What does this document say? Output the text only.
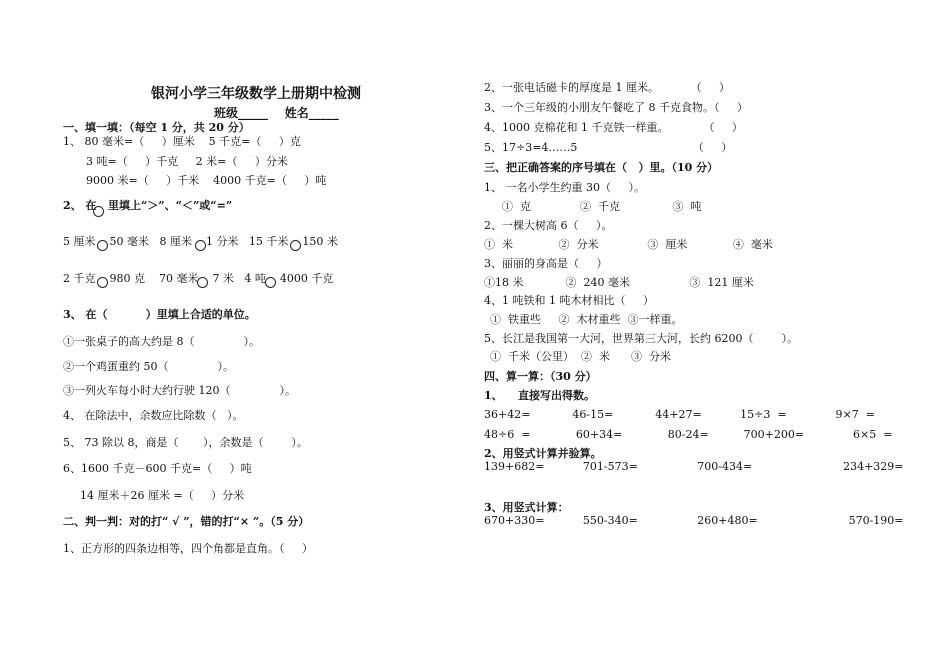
银河小学三年级数学上册期中检测
班级_____    姓名_____
一、填一填：（每空 1 分，共 20 分）
1、 80 毫米=（     ）厘米    5 千克=（     ）克
3 吨=（     ）千克     2 米=（     ）分米
9000 米=（     ）千米    4000 千克=（     ）吨
2、 在   里填上“＞”、“＜”或“=”
5 厘米    50 毫米   8 厘米    1 分米   15 千米    150 米
2 千克    980 克    70 毫米    7 米   4 吨    4000 千克
3、 在（          ）里填上合适的单位。
①一张桌子的高大约是 8（              ）。
②一个鸡蛋重约 50（              ）。
③一列火车每小时大约行驶 120（              ）。
4、 在除法中，余数应比除数（   ）。
5、 73 除以 8，商是（       ），余数是（        ）。
6、1600 千克－600 千克=（     ）吨
14 厘米＋26 厘米 =（     ）分米
二、判一判：对的打“ √ ”，错的打“× ”。（5 分）
1、正方形的四条边相等，四个角都是直角。（     ）
2、一张电话磁卡的厚度是 1 厘米。         （     ）
3、一个三年级的小朋友午餐吃了 8 千克食物。（     ）
4、1000 克棉花和 1 千克铁一样重。          （     ）
5、17÷3=4……5                                 （     ）
三、把正确答案的序号填在（   ）里。（10 分）
1、 一名小学生约重 30（     ）。
①  克              ②  千克               ③  吨
2、一棵大树高 6（     ）。
①  米             ②  分米              ③  厘米             ④  毫米
3、丽丽的身高是（     ）
①18 米            ②  240 毫米                 ③  121 厘米
4、1 吨铁和 1 吨木材相比（     ）
①  铁重些     ②  木材重些  ③一样重。
5、长江是我国第一大河，世界第三大河，长约 6200（        ）。
①  千米（公里）  ②  米      ③  分米
四、算一算：（30 分）
1、    直接写出得数。
36+42=            46-15=            44+27=           15÷3  =              9×7  =
48÷6  =             60+34=             80-24=          700+200=              6×5  =
2、用竖式计算并验算。
139+682=           701-573=                 700-434=                          234+329=
3、用竖式计算：
670+330=           550-340=                 260+480=                          570-190=
